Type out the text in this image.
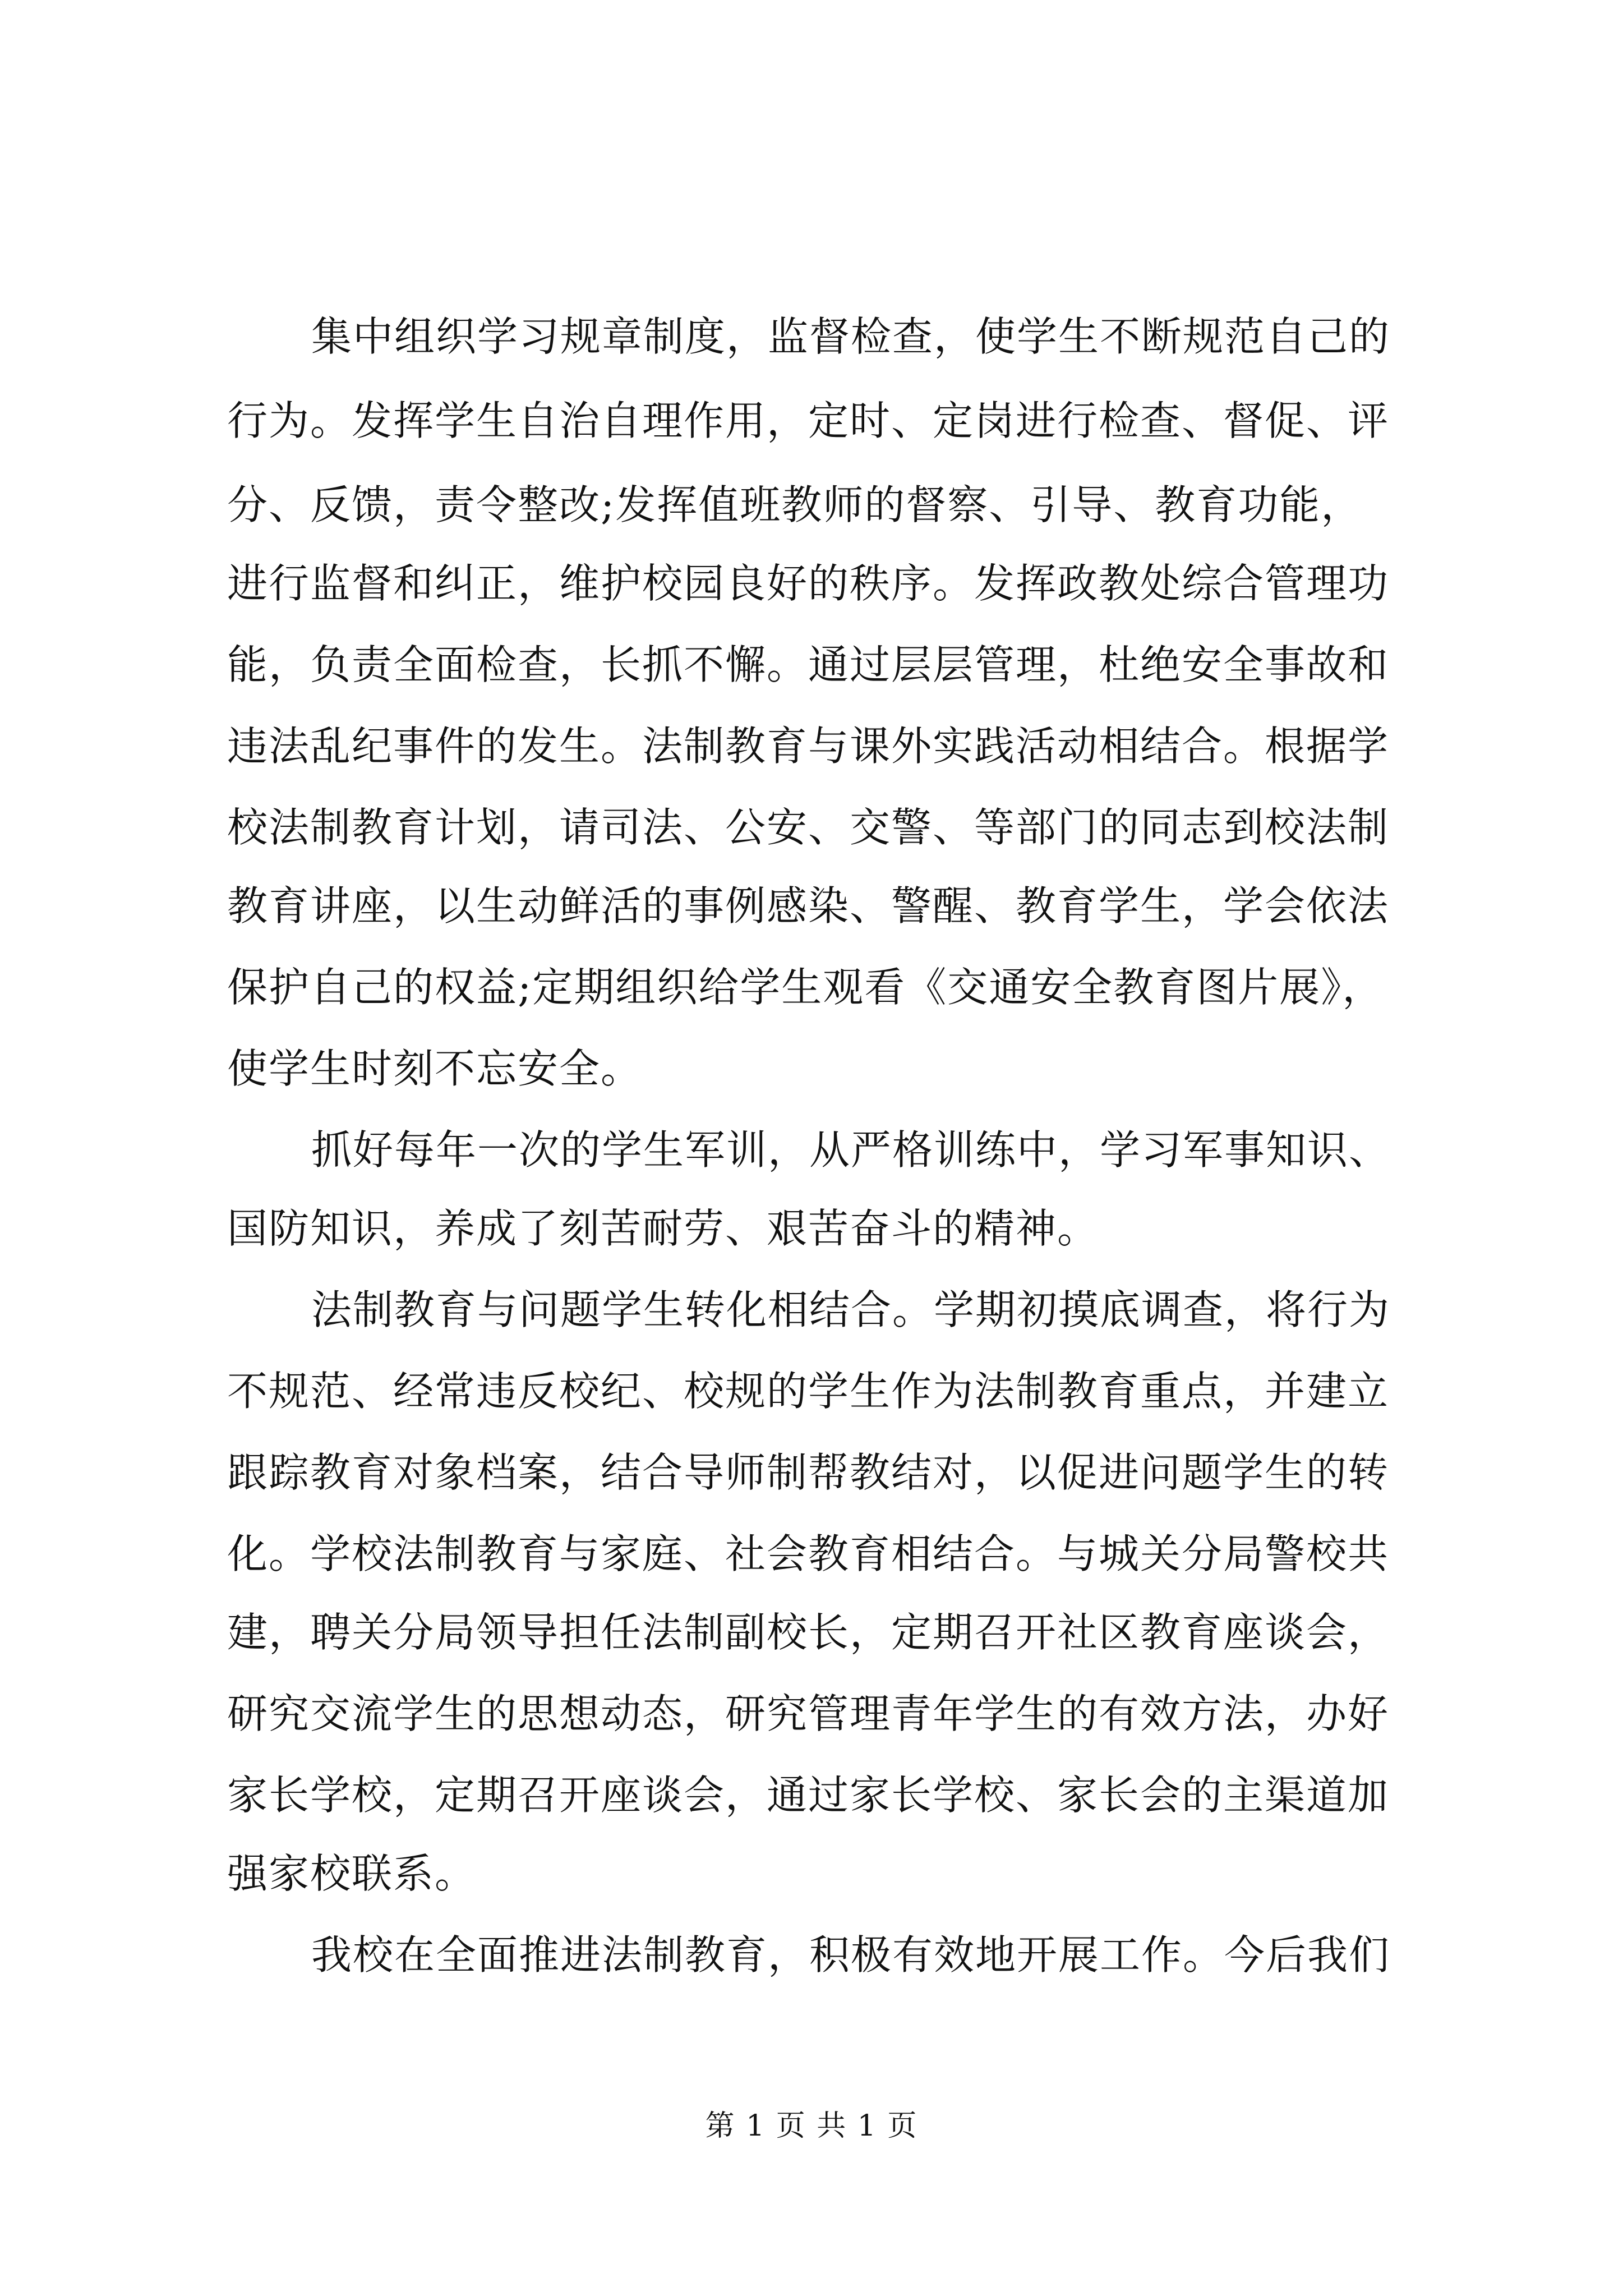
集中组织学习规章制度，监督检查，使学生不断规范自己的
行为。发挥学生自治自理作用，定时、定岗进行检查、督促、评
分、反馈，责令整改;发挥值班教师的督察、引导、教育功能，
进行监督和纠正，维护校园良好的秩序。发挥政教处综合管理功
能，负责全面检查，长抓不懈。通过层层管理，杜绝安全事故和
违法乱纪事件的发生。法制教育与课外实践活动相结合。根据学
校法制教育计划，请司法、公安、交警、等部门的同志到校法制
教育讲座，以生动鲜活的事例感染、警醒、教育学生，学会依法
保护自己的权益;定期组织给学生观看《交通安全教育图片展》，
使学生时刻不忘安全。
抓好每年一次的学生军训，从严格训练中，学习军事知识、
国防知识，养成了刻苦耐劳、艰苦奋斗的精神。
法制教育与问题学生转化相结合。学期初摸底调查，将行为
不规范、经常违反校纪、校规的学生作为法制教育重点，并建立
跟踪教育对象档案，结合导师制帮教结对，以促进问题学生的转
化。学校法制教育与家庭、社会教育相结合。与城关分局警校共
建，聘关分局领导担任法制副校长，定期召开社区教育座谈会，
研究交流学生的思想动态，研究管理青年学生的有效方法，办好
家长学校，定期召开座谈会，通过家长学校、家长会的主渠道加
强家校联系。
我校在全面推进法制教育，积极有效地开展工作。今后我们
第 1 页 共 1 页
